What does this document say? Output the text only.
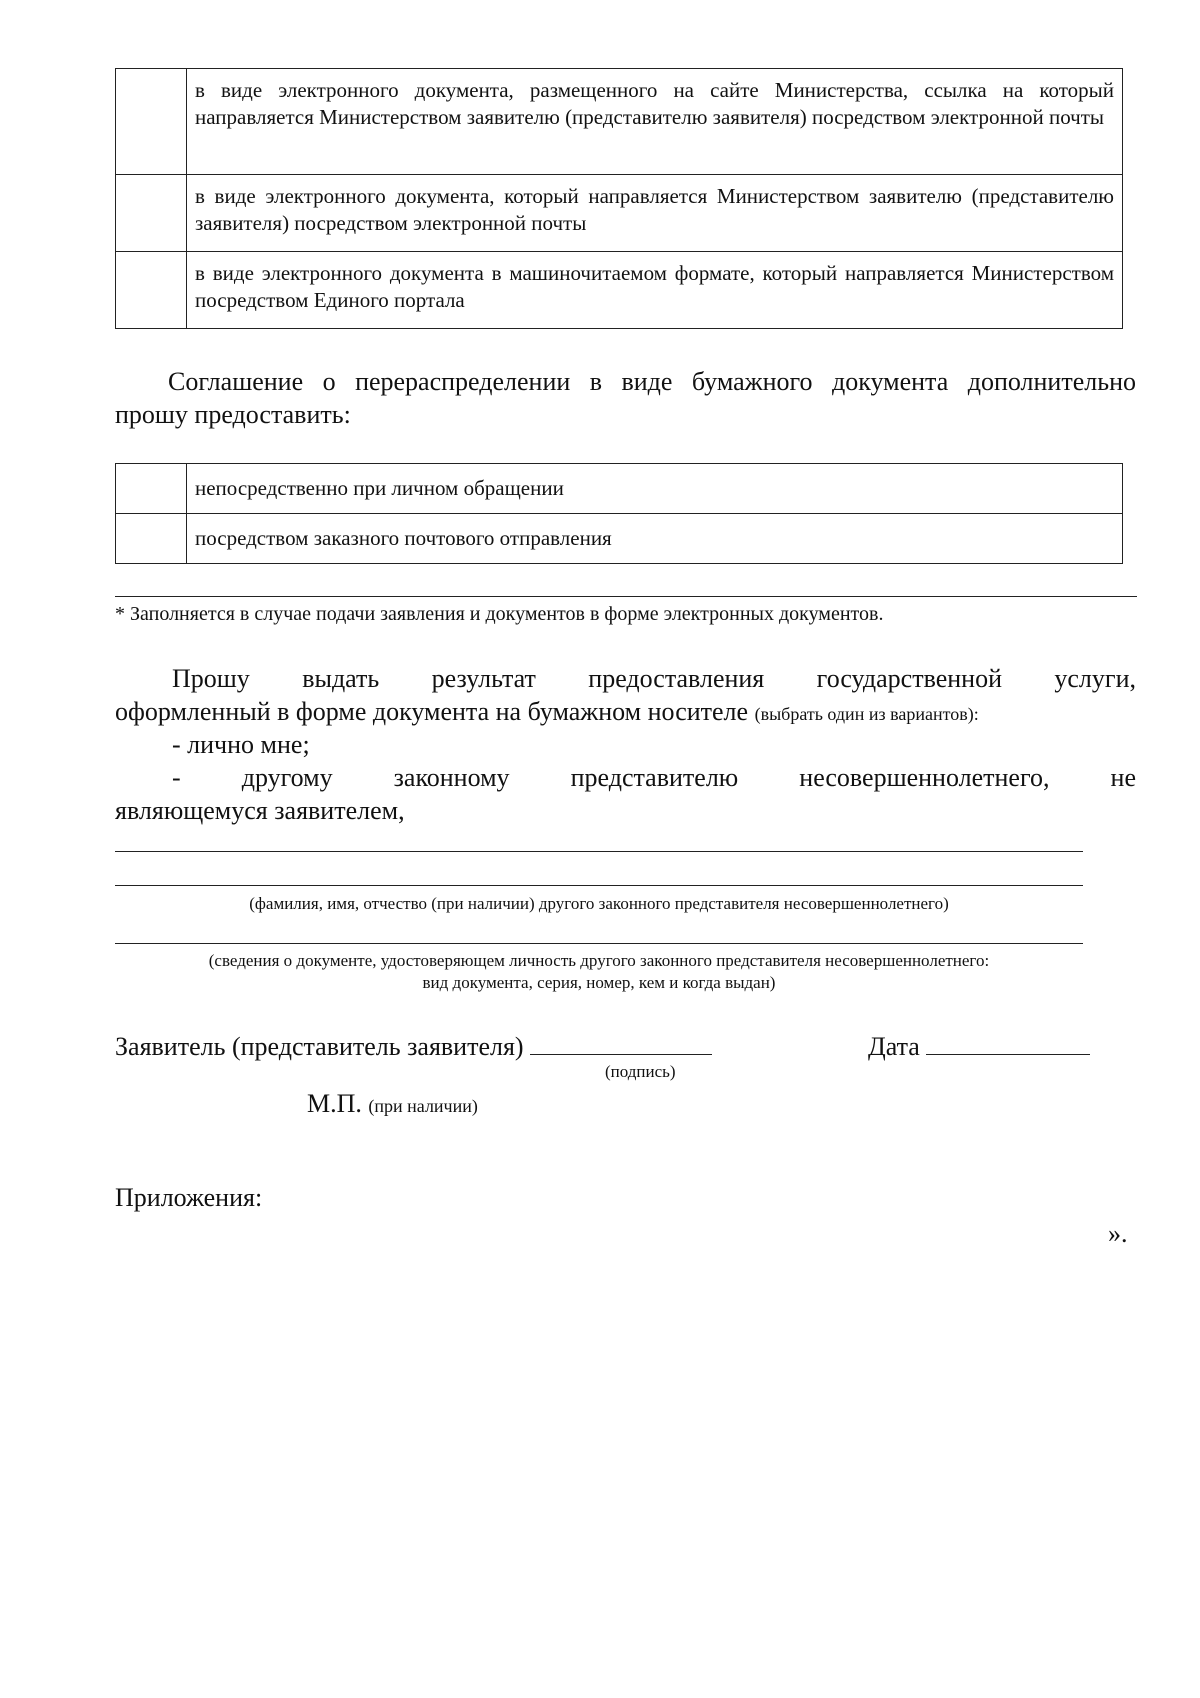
	в виде электронного документа, размещенного на сайте Министерства, ссылка на который направляется Министерством заявителю (представителю заявителя) посредством электронной почты
	в виде электронного документа, который направляется Министерством заявителю (представителю заявителя) посредством электронной почты
	в виде электронного документа в машиночитаемом формате, который направляется Министерством посредством Единого портала
Соглашение о перераспределении в виде бумажного документа дополнительно
прошу предоставить:
	непосредственно при личном обращении
	посредством заказного почтового отправления
* Заполняется в случае подачи заявления и документов в форме электронных документов.
Прошу выдать результат предоставления государственной услуги,
оформленный в форме документа на бумажном носителе (выбрать один из вариантов):
- лично мне;
- другому законному представителю несовершеннолетнего, не
являющемуся заявителем,
(фамилия, имя, отчество (при наличии) другого законного представителя несовершеннолетнего)
(сведения о документе, удостоверяющем личность другого законного представителя несовершеннолетнего:
вид документа, серия, номер, кем и когда выдан)
Заявитель (представитель заявителя)
(подпись)
Дата
М.П. (при наличии)
Приложения:
».
